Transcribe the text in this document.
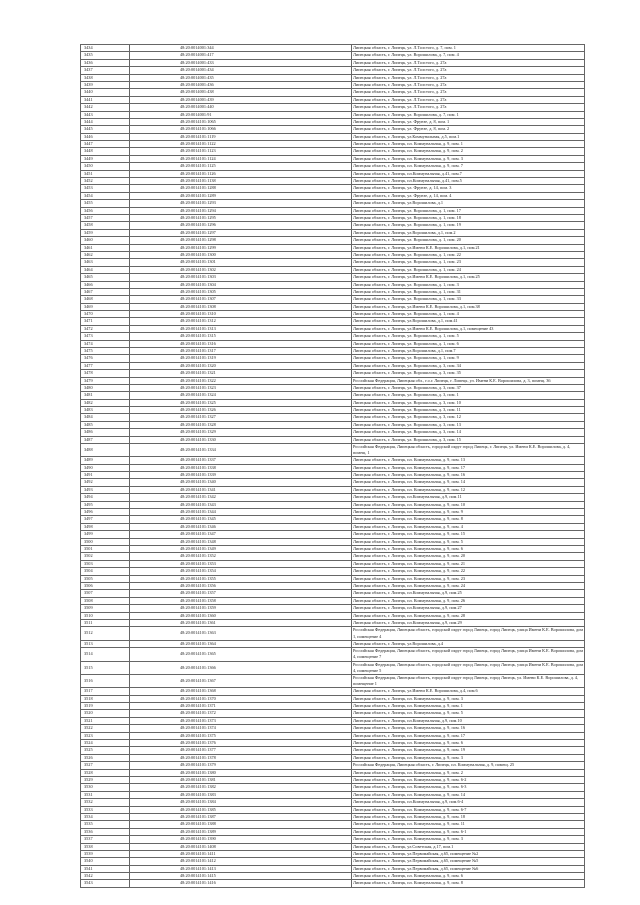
3434	48:20:0014001:344	Липецкая область, г. Липецк, ул. Л.Толстого, д. 7, пом. 1
3435	48:20:0014001:417	Липецкая область, г. Липецк, ул. Ворошилова, д. 7, пом. 4
3436	48:20:0014001:433	Липецкая область, г. Липецк, ул. Л.Толстого, д. 27а
3437	48:20:0014001:434	Липецкая область, г. Липецк, ул. Л.Толстого, д. 27а
3438	48:20:0014001:435	Липецкая область, г. Липецк, ул. Л.Толстого, д. 27а
3439	48:20:0014001:436	Липецкая область, г. Липецк, ул. Л.Толстого, д. 27а
3440	48:20:0014001:438	Липецкая область, г. Липецк, ул. Л.Толстого, д. 27а
3441	48:20:0014001:439	Липецкая область, г. Липецк, ул. Л.Толстого, д. 27а
3442	48:20:0014001:440	Липецкая область, г. Липецк, ул. Л.Толстого, д. 27а
3443	48:20:0014001:91	Липецкая область, г. Липецк, ул. Ворошилова, д. 7, пом. 1
3444	48:20:0014101:1065	Липецкая область, г. Липецк, ул. Фрунзе, д. 8, пом. 1
3445	48:20:0014101:1066	Липецкая область, г. Липецк, ул. Фрунзе, д. 8, пом. 2
3446	48:20:0014101:1119	Липецкая область, г. Липецк, ул.Коммунальная, д.5, пом.1
3447	48:20:0014101:1122	Липецкая область, г. Липецк, пл. Коммунальная, д. 9, пом. 1
3448	48:20:0014101:1123	Липецкая область, г. Липецк, пл. Коммунальная, д. 9, пом. 2
3449	48:20:0014101:1124	Липецкая область, г. Липецк, пл. Коммунальная, д. 9, пом. 3
3450	48:20:0014101:1125	Липецкая область, г. Липецк, пл. Коммунальная, д. 9, пом. 7
3451	48:20:0014101:1126	Липецкая область, г. Липецк, пл.Коммунальная, д.41, пом.7
3452	48:20:0014101:1138	Липецкая область, г. Липецк, пл.Коммунальная, д.41, пом.5
3453	48:20:0014101:1288	Липецкая область, г. Липецк, ул. Фрунзе, д. 14, пом. 3
3454	48:20:0014101:1289	Липецкая область, г. Липецк, ул. Фрунзе, д. 14, пом. 4
3455	48:20:0014101:1293	Липецкая область, г. Липецк, ул.Ворошилова, д.1
3456	48:20:0014101:1294	Липецкая область, г. Липецк, ул. Ворошилова, д. 1, пом. 17
3457	48:20:0014101:1295	Липецкая область, г. Липецк, ул. Ворошилова, д. 1, пом. 18
3458	48:20:0014101:1296	Липецкая область, г. Липецк, ул. Ворошилова, д. 1, пом. 19
3459	48:20:0014101:1297	Липецкая область, г. Липецк, ул.Ворошилова, д.1, пом.2
3460	48:20:0014101:1298	Липецкая область, г. Липецк, ул. Ворошилова, д. 1, пом. 20
3461	48:20:0014101:1299	Липецкая область, г. Липецк, ул.Имени К.Е. Ворошилова, д.1, пом.21
3462	48:20:0014101:1300	Липецкая область, г. Липецк, ул. Ворошилова, д. 1, пом. 22
3463	48:20:0014101:1301	Липецкая область, г. Липецк, ул. Ворошилова, д. 1, пом. 23
3464	48:20:0014101:1302	Липецкая область, г. Липецк, ул. Ворошилова, д. 1, пом. 24
3465	48:20:0014101:1303	Липецкая область, г. Липецк, ул.Имени К.Е. Ворошилова, д.1, пом.25
3466	48:20:0014101:1304	Липецкая область, г. Липецк, ул. Ворошилова, д. 1, пом. 3
3467	48:20:0014101:1305	Липецкая область, г. Липецк, ул. Ворошилова, д. 1, пом. 31
3468	48:20:0014101:1307	Липецкая область, г. Липецк, ул. Ворошилова, д. 1, пом. 33
3469	48:20:0014101:1308	Липецкая область, г. Липецк, ул.Имени К.Е. Ворошилова, д.1, пом.38
3470	48:20:0014101:1310	Липецкая область, г. Липецк, ул. Ворошилова, д. 1, пом. 4
3471	48:20:0014101:1312	Липецкая область, г. Липецк, ул.Ворошилова, д.1, пом.41
3472	48:20:0014101:1313	Липецкая область, г. Липецк, ул.Имени К.Е. Ворошилова, д.1, помещение 43
3473	48:20:0014101:1315	Липецкая область, г. Липецк, ул. Ворошилова, д. 1, пом. 5
3474	48:20:0014101:1316	Липецкая область, г. Липецк, ул. Ворошилова, д. 1, пом. 6
3475	48:20:0014101:1317	Липецкая область, г. Липецк, ул.Ворошилова, д.1, пом.7
3476	48:20:0014101:1319	Липецкая область, г. Липецк, ул. Ворошилова, д. 1, пом. 9
3477	48:20:0014101:1320	Липецкая область, г. Липецк, ул. Ворошилова, д. 3, пом. 34
3478	48:20:0014101:1321	Липецкая область, г. Липецк, ул. Ворошилова, д. 3, пом. 35
3479	48:20:0014101:1322	Российская Федерация, Липецкая обл., г.о.г. Липецк, г. Липецк, ул. Имени К.Е. Ворошилова, д. 3, помещ. 36
3480	48:20:0014101:1323	Липецкая область, г. Липецк, ул. Ворошилова, д. 3, пом. 37
3481	48:20:0014101:1324	Липецкая область, г. Липецк, ул. Ворошилова, д. 3, пом. 1
3482	48:20:0014101:1325	Липецкая область, г. Липецк, ул. Ворошилова, д. 3, пом. 10
3483	48:20:0014101:1326	Липецкая область, г. Липецк, ул. Ворошилова, д. 3, пом. 11
3484	48:20:0014101:1327	Липецкая область, г. Липецк, ул. Ворошилова, д. 3, пом. 12
3485	48:20:0014101:1328	Липецкая область, г. Липецк, ул. Ворошилова, д. 3, пом. 13
3486	48:20:0014101:1329	Липецкая область, г. Липецк, ул. Ворошилова, д. 3, пом. 14
3487	48:20:0014101:1330	Липецкая область, г. Липецк, ул. Ворошилова, д. 3, пом. 15
3488	48:20:0014101:1334	Российская Федерация, Липецкая область, городской округ город Липецк, г. Липецк, ул. Имени К.Е. Ворошилова, д. 4, помещ. 1
3489	48:20:0014101:1337	Липецкая область, г. Липецк, пл. Коммунальная, д. 9, пом. 13
3490	48:20:0014101:1338	Липецкая область, г. Липецк, пл. Коммунальная, д. 9, пом. 17
3491	48:20:0014101:1339	Липецкая область, г. Липецк, пл. Коммунальная, д. 9, пом. 16
3492	48:20:0014101:1340	Липецкая область, г. Липецк, пл. Коммунальная, д. 9, пом. 14
3493	48:20:0014101:1341	Липецкая область, г. Липецк, пл. Коммунальная, д. 9, пом. 12
3494	48:20:0014101:1342	Липецкая область, г. Липецк, пл.Коммунальная, д.9, пом.11
3495	48:20:0014101:1343	Липецкая область, г. Липецк, пл. Коммунальная, д. 9, пом. 10
3496	48:20:0014101:1344	Липецкая область, г. Липецк, пл. Коммунальная, д. 9, пом. 9
3497	48:20:0014101:1345	Липецкая область, г. Липецк, пл. Коммунальная, д. 9, пом. 8
3498	48:20:0014101:1346	Липецкая область, г. Липецк, пл. Коммунальная, д. 9, пом. 4
3499	48:20:0014101:1347	Липецкая область, г. Липецк, пл. Коммунальная, д. 9, пом. 15
3500	48:20:0014101:1348	Липецкая область, г. Липецк, пл. Коммунальная, д. 9, пом. 5
3501	48:20:0014101:1349	Липецкая область, г. Липецк, пл. Коммунальная, д. 9, пом. 6
3502	48:20:0014101:1352	Липецкая область, г. Липецк, пл. Коммунальная, д. 9, пом. 20
3503	48:20:0014101:1353	Липецкая область, г. Липецк, пл. Коммунальная, д. 9, пом. 21
3504	48:20:0014101:1354	Липецкая область, г. Липецк, пл. Коммунальная, д. 9, пом. 22
3505	48:20:0014101:1355	Липецкая область, г. Липецк, пл. Коммунальная, д. 9, пом. 23
3506	48:20:0014101:1356	Липецкая область, г. Липецк, пл. Коммунальная, д. 9, пом. 24
3507	48:20:0014101:1357	Липецкая область, г. Липецк, пл.Коммунальная, д.9, пом.25
3508	48:20:0014101:1358	Липецкая область, г. Липецк, пл. Коммунальная, д. 9, пом. 26
3509	48:20:0014101:1359	Липецкая область, г. Липецк, пл.Коммунальная, д.9, пом.27
3510	48:20:0014101:1360	Липецкая область, г. Липецк, пл. Коммунальная, д. 9, пом. 28
3511	48:20:0014101:1361	Липецкая область, г. Липецк, пл.Коммунальная, д.9, пом.29
3512	48:20:0014101:1363	Российская Федерация, Липецкая область, городской округ город Липецк, город Липецк, улица Имени К.Е. Ворошилова, дом 1, помещение 4
3513	48:20:0014101:1364	Липецкая область, г. Липецк, ул.Ворошилова, д.4
3514	48:20:0014101:1365	Российская Федерация, Липецкая область, городской округ город Липецк, город Липецк, улица Имени К.Е. Ворошилова, дом 4, помещение 7
3515	48:20:0014101:1366	Российская Федерация, Липецкая область, городской округ город Липецк, город Липецк, улица Имени К.Е. Ворошилова, дом 4, помещение 5
3516	48:20:0014101:1367	Российская Федерация, Липецкая область, городской округ город Липецк, город Липецк, ул. Имени К.Е. Ворошилова, д. 4, помещение 1
3517	48:20:0014101:1368	Липецкая область, г. Липецк, ул.Имени К.Е. Ворошилова, д.4, пом.6
3518	48:20:0014101:1370	Липецкая область, г. Липецк, пл. Коммунальная, д. 9, пом. 3
3519	48:20:0014101:1371	Липецкая область, г. Липецк, пл. Коммунальная, д. 9, пом. 1
3520	48:20:0014101:1372	Липецкая область, г. Липецк, пл. Коммунальная, д. 9, пом. 5
3521	48:20:0014101:1373	Липецкая область, г. Липецк, пл.Коммунальная, д.9, пом.10
3522	48:20:0014101:1374	Липецкая область, г. Липецк, пл. Коммунальная, д. 9, пом. 16
3523	48:20:0014101:1375	Липецкая область, г. Липецк, пл. Коммунальная, д. 9, пом. 17
3524	48:20:0014101:1376	Липецкая область, г. Липецк, пл. Коммунальная, д. 9, пом. 6
3525	48:20:0014101:1377	Липецкая область, г. Липецк, пл. Коммунальная, д. 9, пом. 19
3526	48:20:0014101:1378	Липецкая область, г. Липецк, пл. Коммунальная, д. 9, пом. 3
3527	48:20:0014101:1379	Российская Федерация, Липецкая область, г. Липецк, пл. Коммунальная, д. 9, помещ. 25
3528	48:20:0014101:1380	Липецкая область, г. Липецк, пл. Коммунальная, д. 9, пом. 2
3529	48:20:0014101:1381	Липецкая область, г. Липецк, пл. Коммунальная, д. 9, пом. 6-2
3530	48:20:0014101:1382	Липецкая область, г. Липецк, пл. Коммунальная, д. 9, пом. 6-3
3531	48:20:0014101:1383	Липецкая область, г. Липецк, пл. Коммунальная, д. 9, пом. 14
3532	48:20:0014101:1384	Липецкая область, г. Липецк, пл.Коммунальная, д.9, пом.6-4
3533	48:20:0014101:1385	Липецкая область, г. Липецк, пл. Коммунальная, д. 9, пом. 6-7
3534	48:20:0014101:1387	Липецкая область, г. Липецк, пл. Коммунальная, д. 9, пом. 18
3535	48:20:0014101:1388	Липецкая область, г. Липецк, пл. Коммунальная, д. 9, пом. 11
3536	48:20:0014101:1389	Липецкая область, г. Липецк, пл. Коммунальная, д. 9, пом. 6-1
3537	48:20:0014101:1390	Липецкая область, г. Липецк, пл. Коммунальная, д. 9, пом. 3
3538	48:20:0014101:1408	Липецкая область, г. Липецк, ул.Советская, д.17, пом.1
3539	48:20:0014101:1411	Липецкая область, г. Липецк, ул.Первомайская, д.65, помещение №2
3540	48:20:0014101:1412	Липецкая область, г. Липецк, ул.Первомайская, д.65, помещение №5
3541	48:20:0014101:1413	Липецкая область, г. Липецк, ул.Первомайская, д.65, помещение №6
3542	48:20:0014101:1415	Липецкая область, г. Липецк, пл. Коммунальная, д. 9, пом. 6
3543	48:20:0014101:1416	Липецкая область, г. Липецк, пл. Коммунальная, д. 9, пом. 8
